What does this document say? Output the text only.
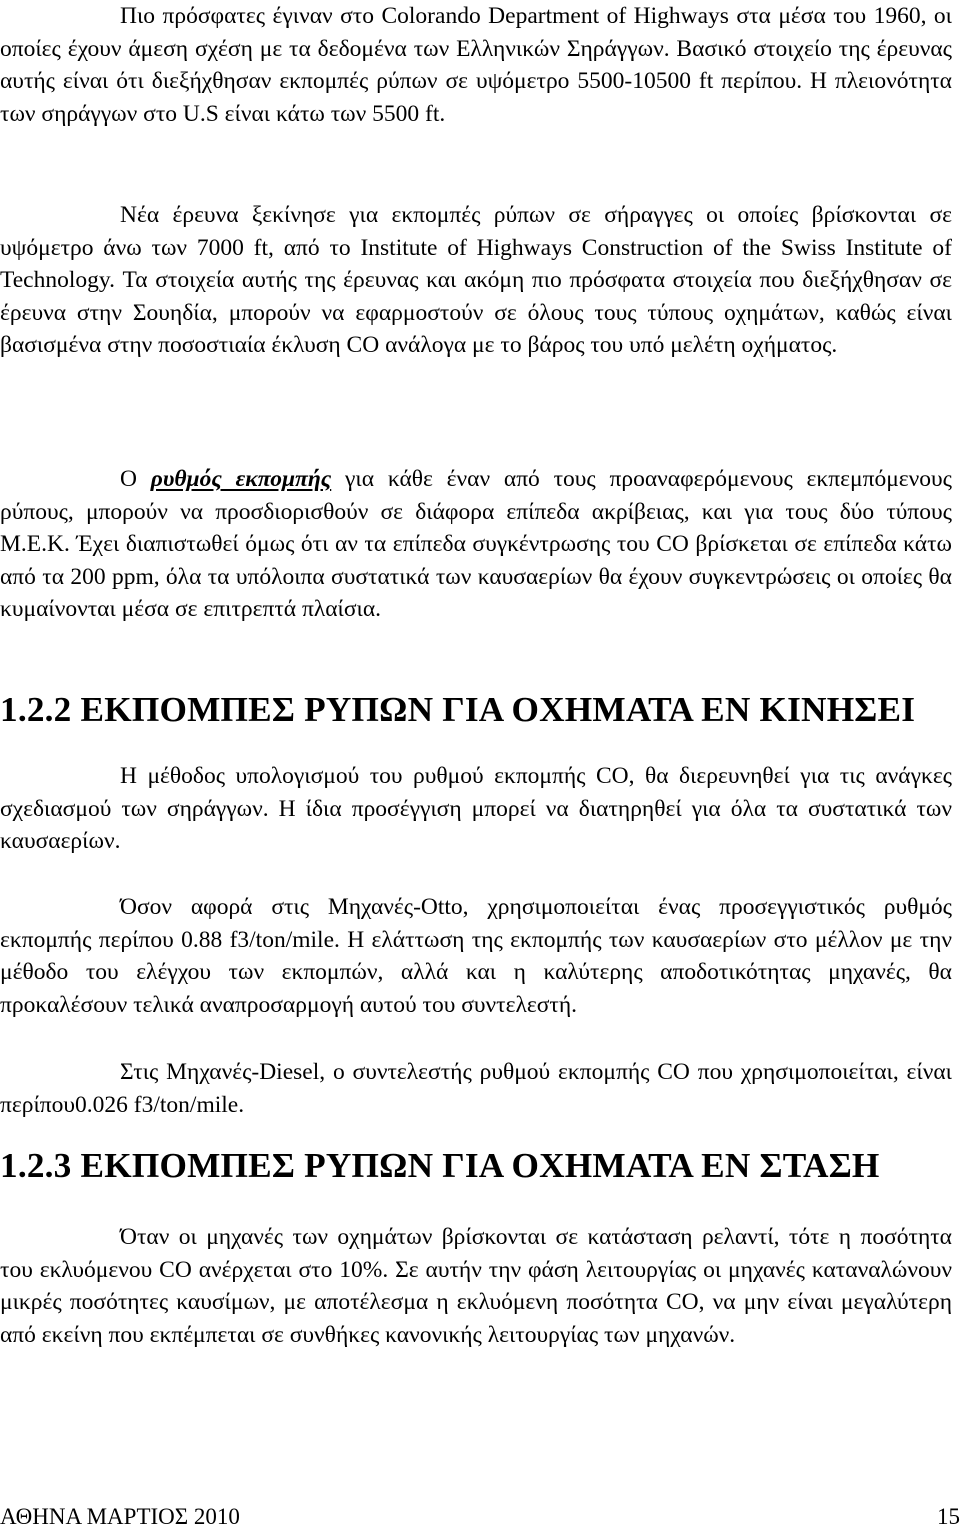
Πιο πρόσφατες έγιναν στο Colorando Department of Highways στα μέσα του 1960, οι οποίες έχουν άμεση σχέση με τα δεδομένα των Ελληνικών Σηράγγων. Βασικό στοιχείο της έρευνας αυτής είναι ότι διεξήχθησαν εκπομπές ρύπων σε υψόμετρο 5500-10500 ft περίπου. Η πλειονότητα των σηράγγων στο U.S είναι κάτω των 5500 ft.

Νέα έρευνα ξεκίνησε για εκπομπές ρύπων σε σήραγγες οι οποίες βρίσκονται σε υψόμετρο άνω των 7000 ft, από το Institute of Highways Construction of the Swiss Institute of Technology. Τα στοιχεία αυτής της έρευνας και ακόμη πιο πρόσφατα στοιχεία που διεξήχθησαν σε έρευνα στην Σουηδία, μπορούν να εφαρμοστούν σε όλους τους τύπους οχημάτων, καθώς είναι βασισμένα στην ποσοστιαία έκλυση CO ανάλογα με το βάρος του υπό μελέτη οχήματος.

Ο ρυθμός εκπομπής για κάθε έναν από τους προαναφερόμενους εκπεμπόμενους ρύπους, μπορούν να προσδιορισθούν σε διάφορα επίπεδα ακρίβειας, και για τους δύο τύπους Μ.Ε.Κ. Έχει διαπιστωθεί όμως ότι αν τα επίπεδα συγκέντρωσης του CO βρίσκεται σε επίπεδα κάτω από τα 200 ppm, όλα τα υπόλοιπα συστατικά των καυσαερίων θα έχουν συγκεντρώσεις οι οποίες θα κυμαίνονται μέσα σε επιτρεπτά πλαίσια.

1.2.2 ΕΚΠΟΜΠΕΣ ΡΥΠΩΝ ΓΙΑ ΟΧΗΜΑΤΑ ΕΝ ΚΙΝΗΣΕΙ

Η μέθοδος υπολογισμού του ρυθμού εκπομπής CO, θα διερευνηθεί για τις ανάγκες σχεδιασμού των σηράγγων. Η ίδια προσέγγιση μπορεί να διατηρηθεί για όλα τα συστατικά των καυσαερίων.

Όσον αφορά στις Μηχανές-Otto, χρησιμοποιείται ένας προσεγγιστικός ρυθμός εκπομπής περίπου 0.88 f3/ton/mile. Η ελάττωση της εκπομπής των καυσαερίων στο μέλλον με την μέθοδο του ελέγχου των εκπομπών, αλλά και η καλύτερης αποδοτικότητας μηχανές, θα προκαλέσουν τελικά αναπροσαρμογή αυτού του συντελεστή.

Στις Μηχανές-Diesel, ο συντελεστής ρυθμού εκπομπής CO που χρησιμοποιείται, είναι περίπου0.026 f3/ton/mile.

1.2.3 ΕΚΠΟΜΠΕΣ ΡΥΠΩΝ ΓΙΑ ΟΧΗΜΑΤΑ ΕΝ ΣΤΑΣΗ

Όταν οι μηχανές των οχημάτων βρίσκονται σε κατάσταση ρελαντί, τότε η ποσότητα του εκλυόμενου CO ανέρχεται στο 10%. Σε αυτήν την φάση λειτουργίας οι μηχανές καταναλώνουν μικρές ποσότητες καυσίμων, με αποτέλεσμα η εκλυόμενη ποσότητα CO, να μην είναι μεγαλύτερη από εκείνη που εκπέμπεται σε συνθήκες κανονικής λειτουργίας των μηχανών.

ΑΘΗΝΑ ΜΑΡΤΙΟΣ 2010	15
